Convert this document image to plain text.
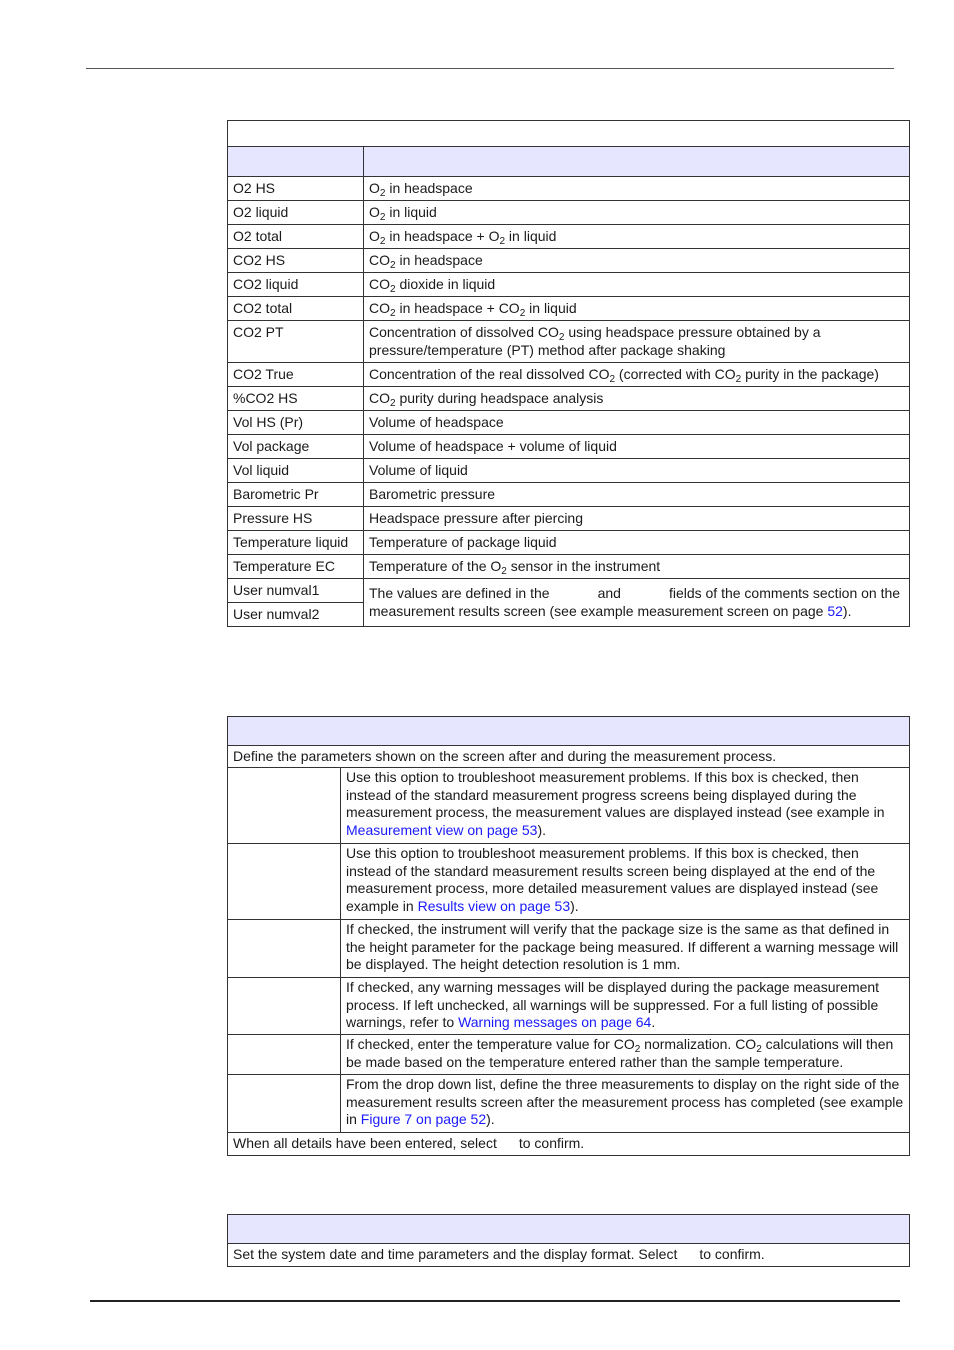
O2 HS	$O_2$ in headspace
O2 liquid	$O_2$ in liquid
O2 total	$O_2$ in headspace + $O_2$ in liquid
CO2 HS	$CO_2$ in headspace
CO2 liquid	$CO_2$ dioxide in liquid
CO2 total	$CO_2$ in headspace + $CO_2$ in liquid
CO2 PT	Concentration of dissolved $CO_2$ using headspace pressure obtained by a pressure/temperature (PT) method after package shaking
CO2 True	Concentration of the real dissolved $CO_2$ (corrected with $CO_2$ purity in the package)
%CO2 HS	$CO_2$ purity during headspace analysis
Vol HS (Pr)	Volume of headspace
Vol package	Volume of headspace + volume of liquid
Vol liquid	Volume of liquid
Barometric Pr	Barometric pressure
Pressure HS	Headspace pressure after piercing
Temperature liquid	Temperature of package liquid
Temperature EC	Temperature of the $O_2$ sensor in the instrument
User numval1	The values are defined in the and fields of the comments section on the measurement results screen (see example measurement screen on page 52).
User numval2	

Define the parameters shown on the screen after and during the measurement process.	
	Use this option to troubleshoot measurement problems. If this box is checked, then instead of the standard measurement progress screens being displayed during the measurement process, the measurement values are displayed instead (see example in Measurement view on page 53).
	Use this option to troubleshoot measurement problems. If this box is checked, then instead of the standard measurement results screen being displayed at the end of the measurement process, more detailed measurement values are displayed instead (see example in Results view on page 53).
	If checked, the instrument will verify that the package size is the same as that defined in the height parameter for the package being measured. If different a warning message will be displayed. The height detection resolution is 1 mm.
	If checked, any warning messages will be displayed during the package measurement process. If left unchecked, all warnings will be suppressed. For a full listing of possible warnings, refer to Warning messages on page 64.
	If checked, enter the temperature value for $CO_2$ normalization. $CO_2$ calculations will then be made based on the temperature entered rather than the sample temperature.
	From the drop down list, define the three measurements to display on the right side of the measurement results screen after the measurement process has completed (see example in Figure 7 on page 52).
When all details have been entered, select to confirm.	

Set the system date and time parameters and the display format. Select to confirm.
